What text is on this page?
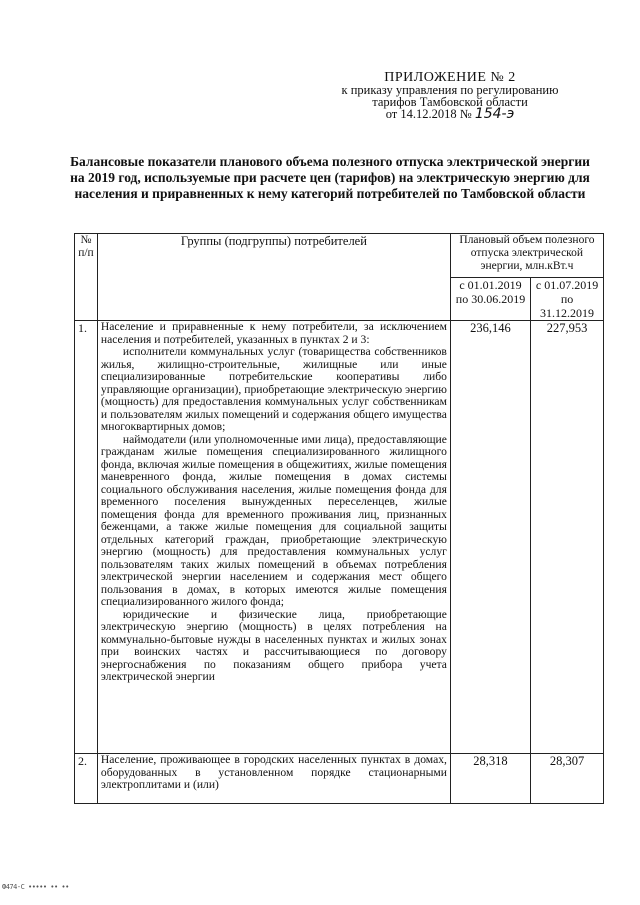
ПРИЛОЖЕНИЕ № 2
к приказу управления по регулированию
тарифов Тамбовской области
от 14.12.2018 № 154-э
Балансовые показатели планового объема полезного отпуска электрической энергии на 2019 год, используемые при расчете цен (тарифов) на электрическую энергию для населения и приравненных к нему категорий потребителей по Тамбовской области
№ п/п	Группы (подгруппы) потребителей	Плановый объем полезного отпуска электрической энергии, млн.кВт.ч	
		с 01.01.2019 по 30.06.2019	с 01.07.2019 по 31.12.2019
1.	Население и приравненные к нему потребители, за исключением населения и потребителей, указанных в пунктах 2 и 3:

исполнители коммунальных услуг (товарищества собственников жилья, жилищно-строительные, жилищные или иные специализированные потребительские кооперативы либо управляющие организации), приобретающие электрическую энергию (мощность) для предоставления коммунальных услуг собственникам и пользователям жилых помещений и содержания общего имущества многоквартирных домов;

наймодатели (или уполномоченные ими лица), предоставляющие гражданам жилые помещения специализированного жилищного фонда, включая жилые помещения в общежитиях, жилые помещения маневренного фонда, жилые помещения в домах системы социального обслуживания населения, жилые помещения фонда для временного поселения вынужденных переселенцев, жилые помещения фонда для временного проживания лиц, признанных беженцами, а также жилые помещения для социальной защиты отдельных категорий граждан, приобретающие электрическую энергию (мощность) для предоставления коммунальных услуг пользователям таких жилых помещений в объемах потребления электрической энергии населением и содержания мест общего пользования в домах, в которых имеются жилые помещения специализированного жилого фонда;

юридические и физические лица, приобретающие электрическую энергию (мощность) в целях потребления на коммунально-бытовые нужды в населенных пунктах и жилых зонах при воинских частях и рассчитывающиеся по договору энергоснабжения по показаниям общего прибора учета электрической энергии	236,146	227,953
2.	Население, проживающее в городских населенных пунктах в домах, оборудованных в установленном порядке стационарными электроплитами и (или)	28,318	28,307
Ф474-С ••••• •• ••
